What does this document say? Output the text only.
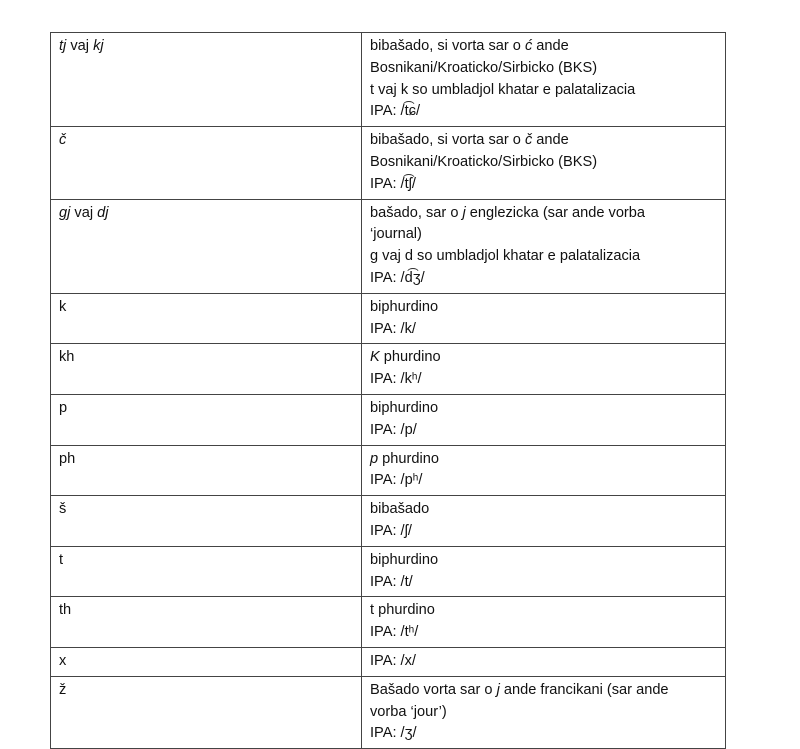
tj vaj kj	bibašado, si vorta sar o ć ande
Bosnikani/Kroaticko/Sirbicko (BKS)
t vaj k so umbladjol khatar e palatalizacia
IPA: /t͡ɕ/

č	bibašado, si vorta sar o č ande
Bosnikani/Kroaticko/Sirbicko (BKS)
IPA: /t͡ʃ/

gj vaj dj	bašado, sar o j englezicka (sar ande vorba
‘journal)
g vaj d so umbladjol khatar e palatalizacia
IPA: /d͡ʒ/

k	biphurdino
IPA: /k/

kh	K phurdino
IPA: /kʰ/

p	biphurdino
IPA: /p/

ph	p phurdino
IPA: /pʰ/

š	bibašado
IPA: /ʃ/

t	biphurdino
IPA: /t/

th	t phurdino
IPA: /tʰ/

x	IPA: /x/

ž	Bašado vorta sar o j ande francikani (sar ande
vorba ‘jour’)
IPA: /ʒ/
